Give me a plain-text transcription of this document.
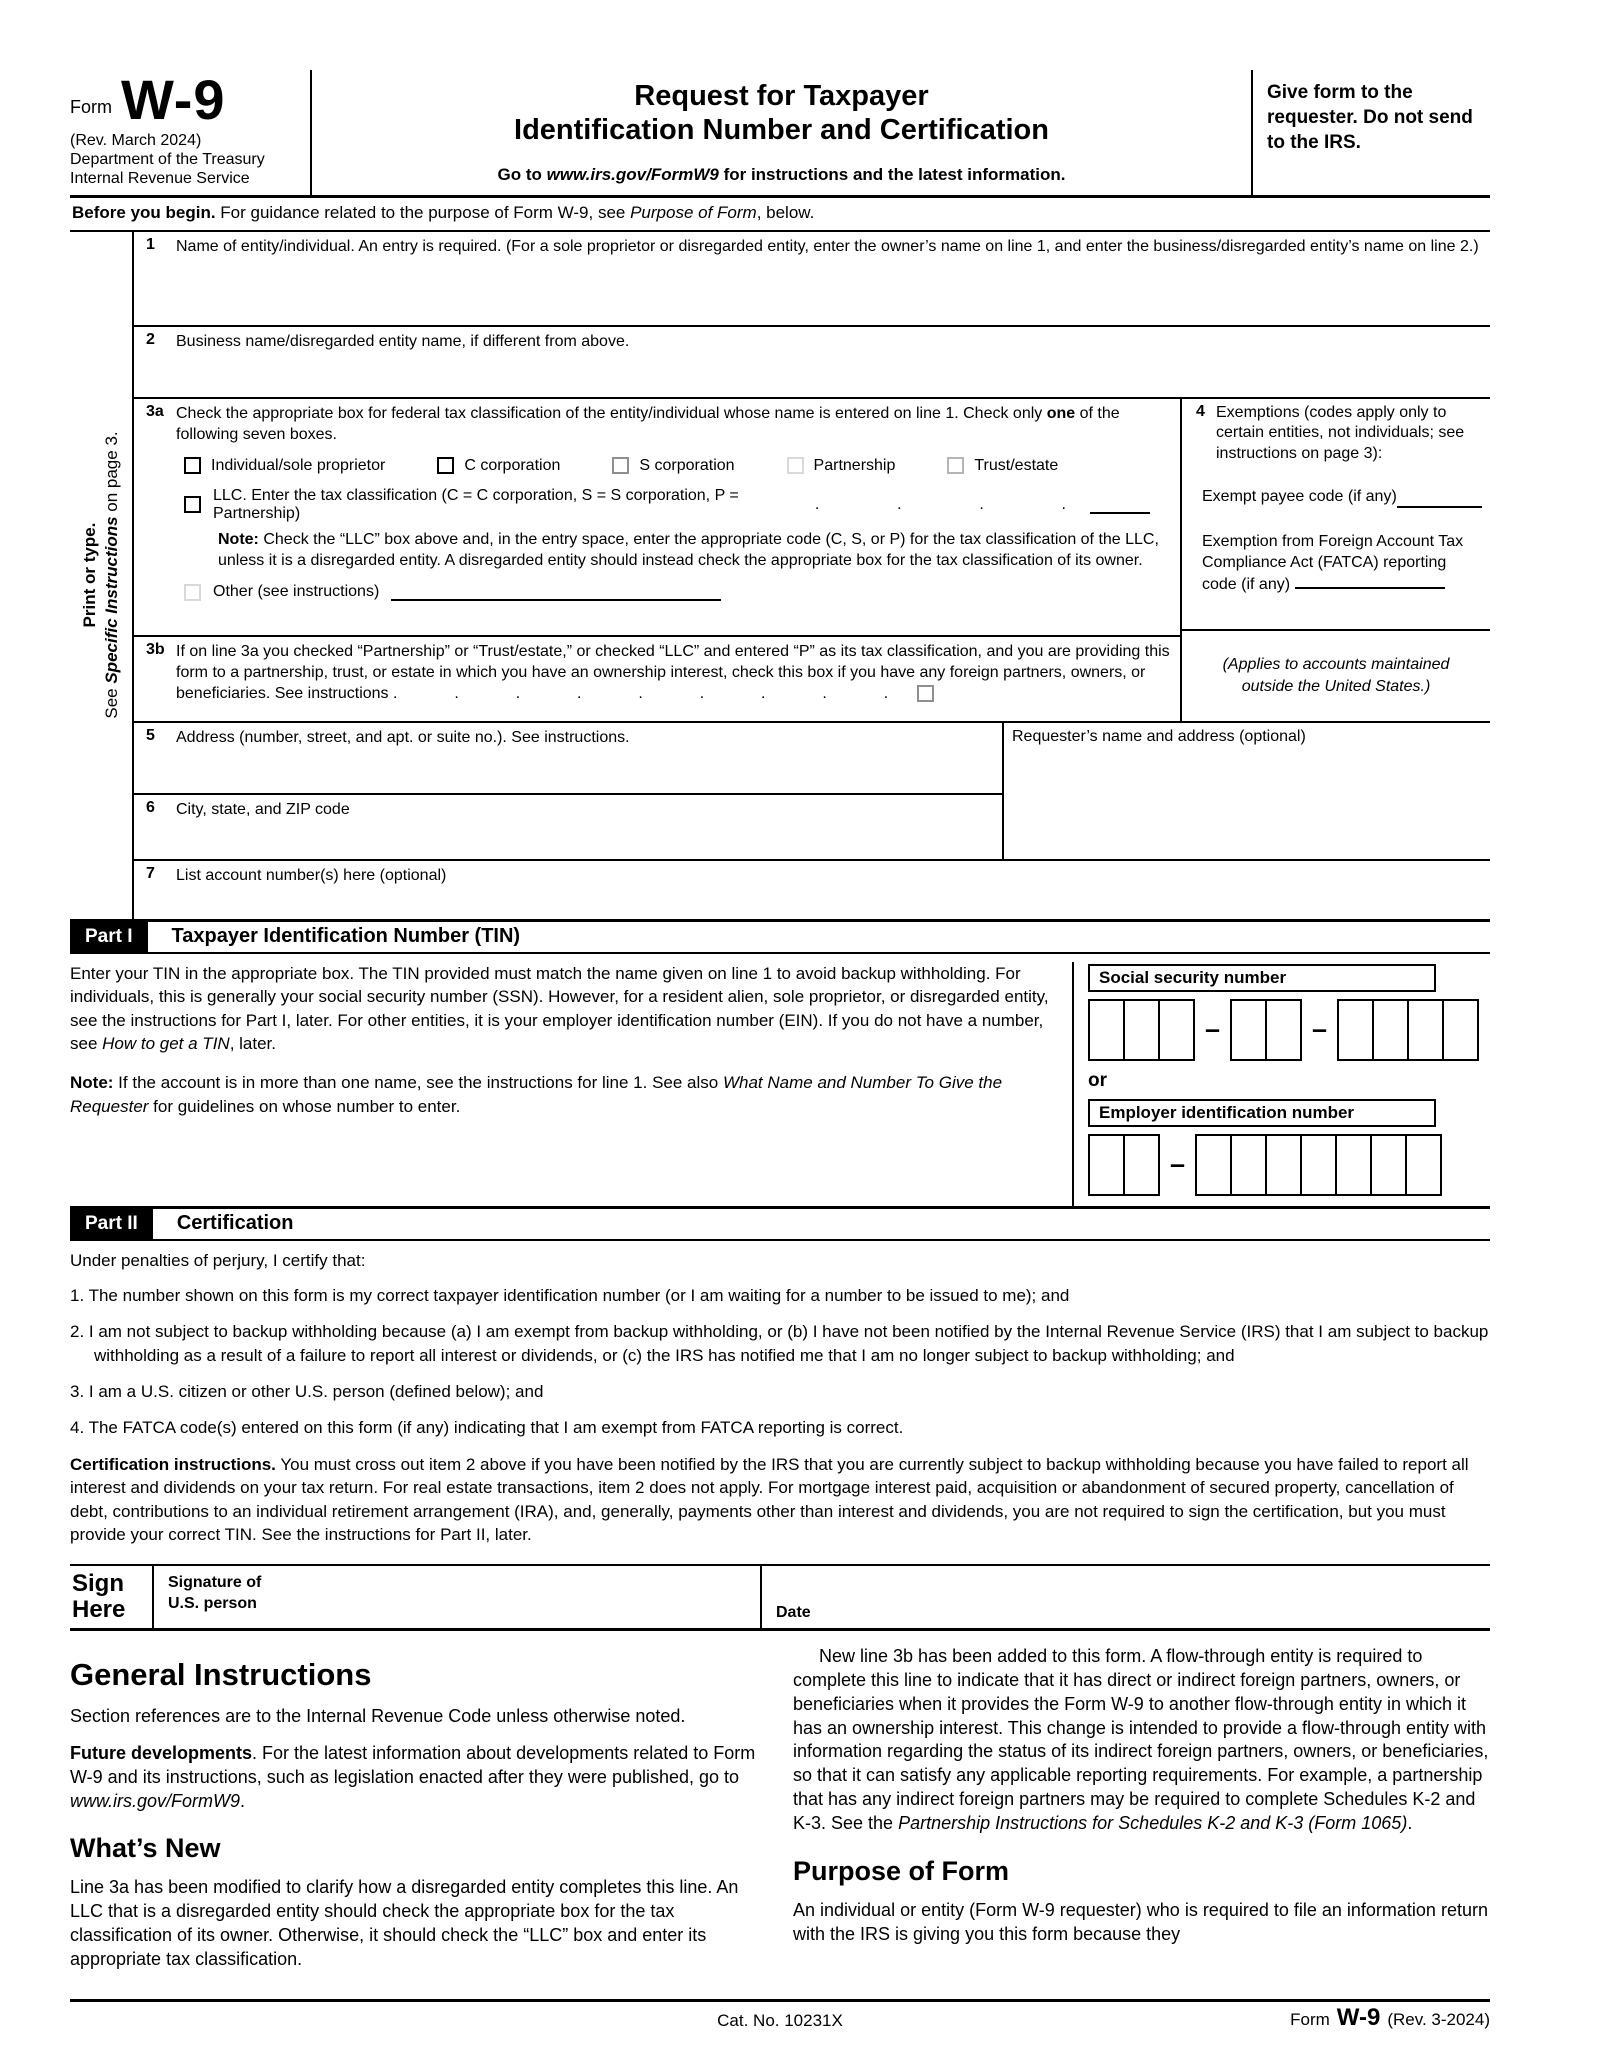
Form W-9
(Rev. March 2024)
Department of the Treasury
Internal Revenue Service
Request for Taxpayer
Identification Number and Certification
Go to www.irs.gov/FormW9 for instructions and the latest information.
Give form to the requester. Do not send to the IRS.
Before you begin. For guidance related to the purpose of Form W-9, see Purpose of Form, below.
Print or type.
See Specific Instructions on page 3.
1	Name of entity/individual. An entry is required. (For a sole proprietor or disregarded entity, enter the owner’s name on line 1, and enter the business/disregarded entity’s name on line 2.)
2	Business name/disregarded entity name, if different from above.
3a Check the appropriate box for federal tax classification of the entity/individual whose name is entered on line 1. Check only one of the following seven boxes.
Individual/sole proprietor	C corporation	S corporation	Partnership	Trust/estate
LLC. Enter the tax classification (C = C corporation, S = S corporation, P = Partnership)
.    .    .    .
Note: Check the “LLC” box above and, in the entry space, enter the appropriate code (C, S, or P) for the tax classification of the LLC, unless it is a disregarded entity. A disregarded entity should instead check the appropriate box for the tax classification of its owner.
Other (see instructions)
3b If on line 3a you checked “Partnership” or “Trust/estate,” or checked “LLC” and entered “P” as its tax classification, and you are providing this form to a partnership, trust, or estate in which you have an ownership interest, check this box if you have any foreign partners, owners, or beneficiaries. See instructions .  .  .  .  .  .  .  .  .
4 Exemptions (codes apply only to certain entities, not individuals; see instructions on page 3):
Exempt payee code (if any)
Exemption from Foreign Account Tax Compliance Act (FATCA) reporting code (if any)
(Applies to accounts maintained outside the United States.)
5	Address (number, street, and apt. or suite no.). See instructions.
6	City, state, and ZIP code
Requester’s name and address (optional)
7	List account number(s) here (optional)
Part I	Taxpayer Identification Number (TIN)

Enter your TIN in the appropriate box. The TIN provided must match the name given on line 1 to avoid backup withholding. For individuals, this is generally your social security number (SSN). However, for a resident alien, sole proprietor, or disregarded entity, see the instructions for Part I, later. For other entities, it is your employer identification number (EIN). If you do not have a number, see How to get a TIN, later.

Note: If the account is in more than one name, see the instructions for line 1. See also What Name and Number To Give the Requester for guidelines on whose number to enter.

Social security number
–	–
or
Employer identification number
–
Part II	Certification

Under penalties of perjury, I certify that:

1. The number shown on this form is my correct taxpayer identification number (or I am waiting for a number to be issued to me); and

2. I am not subject to backup withholding because (a) I am exempt from backup withholding, or (b) I have not been notified by the Internal Revenue Service (IRS) that I am subject to backup withholding as a result of a failure to report all interest or dividends, or (c) the IRS has notified me that I am no longer subject to backup withholding; and

3. I am a U.S. citizen or other U.S. person (defined below); and

4. The FATCA code(s) entered on this form (if any) indicating that I am exempt from FATCA reporting is correct.

Certification instructions. You must cross out item 2 above if you have been notified by the IRS that you are currently subject to backup withholding because you have failed to report all interest and dividends on your tax return. For real estate transactions, item 2 does not apply. For mortgage interest paid, acquisition or abandonment of secured property, cancellation of debt, contributions to an individual retirement arrangement (IRA), and, generally, payments other than interest and dividends, you are not required to sign the certification, but you must provide your correct TIN. See the instructions for Part II, later.

Sign
Here
Signature of
U.S. person
Date
General Instructions

Section references are to the Internal Revenue Code unless otherwise noted.

Future developments. For the latest information about developments related to Form W-9 and its instructions, such as legislation enacted after they were published, go to www.irs.gov/FormW9.

What’s New

Line 3a has been modified to clarify how a disregarded entity completes this line. An LLC that is a disregarded entity should check the appropriate box for the tax classification of its owner. Otherwise, it should check the “LLC” box and enter its appropriate tax classification.

New line 3b has been added to this form. A flow-through entity is required to complete this line to indicate that it has direct or indirect foreign partners, owners, or beneficiaries when it provides the Form W-9 to another flow-through entity in which it has an ownership interest. This change is intended to provide a flow-through entity with information regarding the status of its indirect foreign partners, owners, or beneficiaries, so that it can satisfy any applicable reporting requirements. For example, a partnership that has any indirect foreign partners may be required to complete Schedules K-2 and K-3. See the Partnership Instructions for Schedules K-2 and K-3 (Form 1065).

Purpose of Form

An individual or entity (Form W-9 requester) who is required to file an information return with the IRS is giving you this form because they

Cat. No. 10231X	Form W-9 (Rev. 3-2024)
